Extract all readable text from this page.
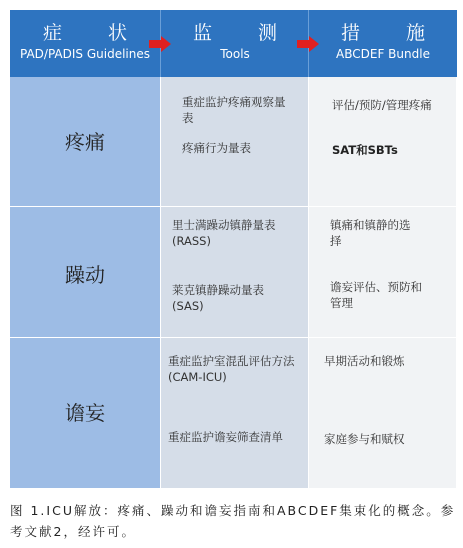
症 状
PAD/PADIS Guidelines
监 测
Tools
措 施
ABCDEF Bundle
疼痛
重症监护疼痛观察量表
疼痛行为量表
评估/预防/管理疼痛
SAT和SBTs
躁动
里士满躁动镇静量表(RASS)
莱克镇静躁动量表(SAS)
镇痛和镇静的选择
谵妄评估、预防和管理
谵妄
重症监护室混乱评估方法 (CAM-ICU)
重症监护谵妄筛查清单
早期活动和锻炼
家庭参与和赋权
图 1.ICU解放：疼痛、躁动和谵妄指南和ABCDEF集束化的概念。参考文献2，经许可。
